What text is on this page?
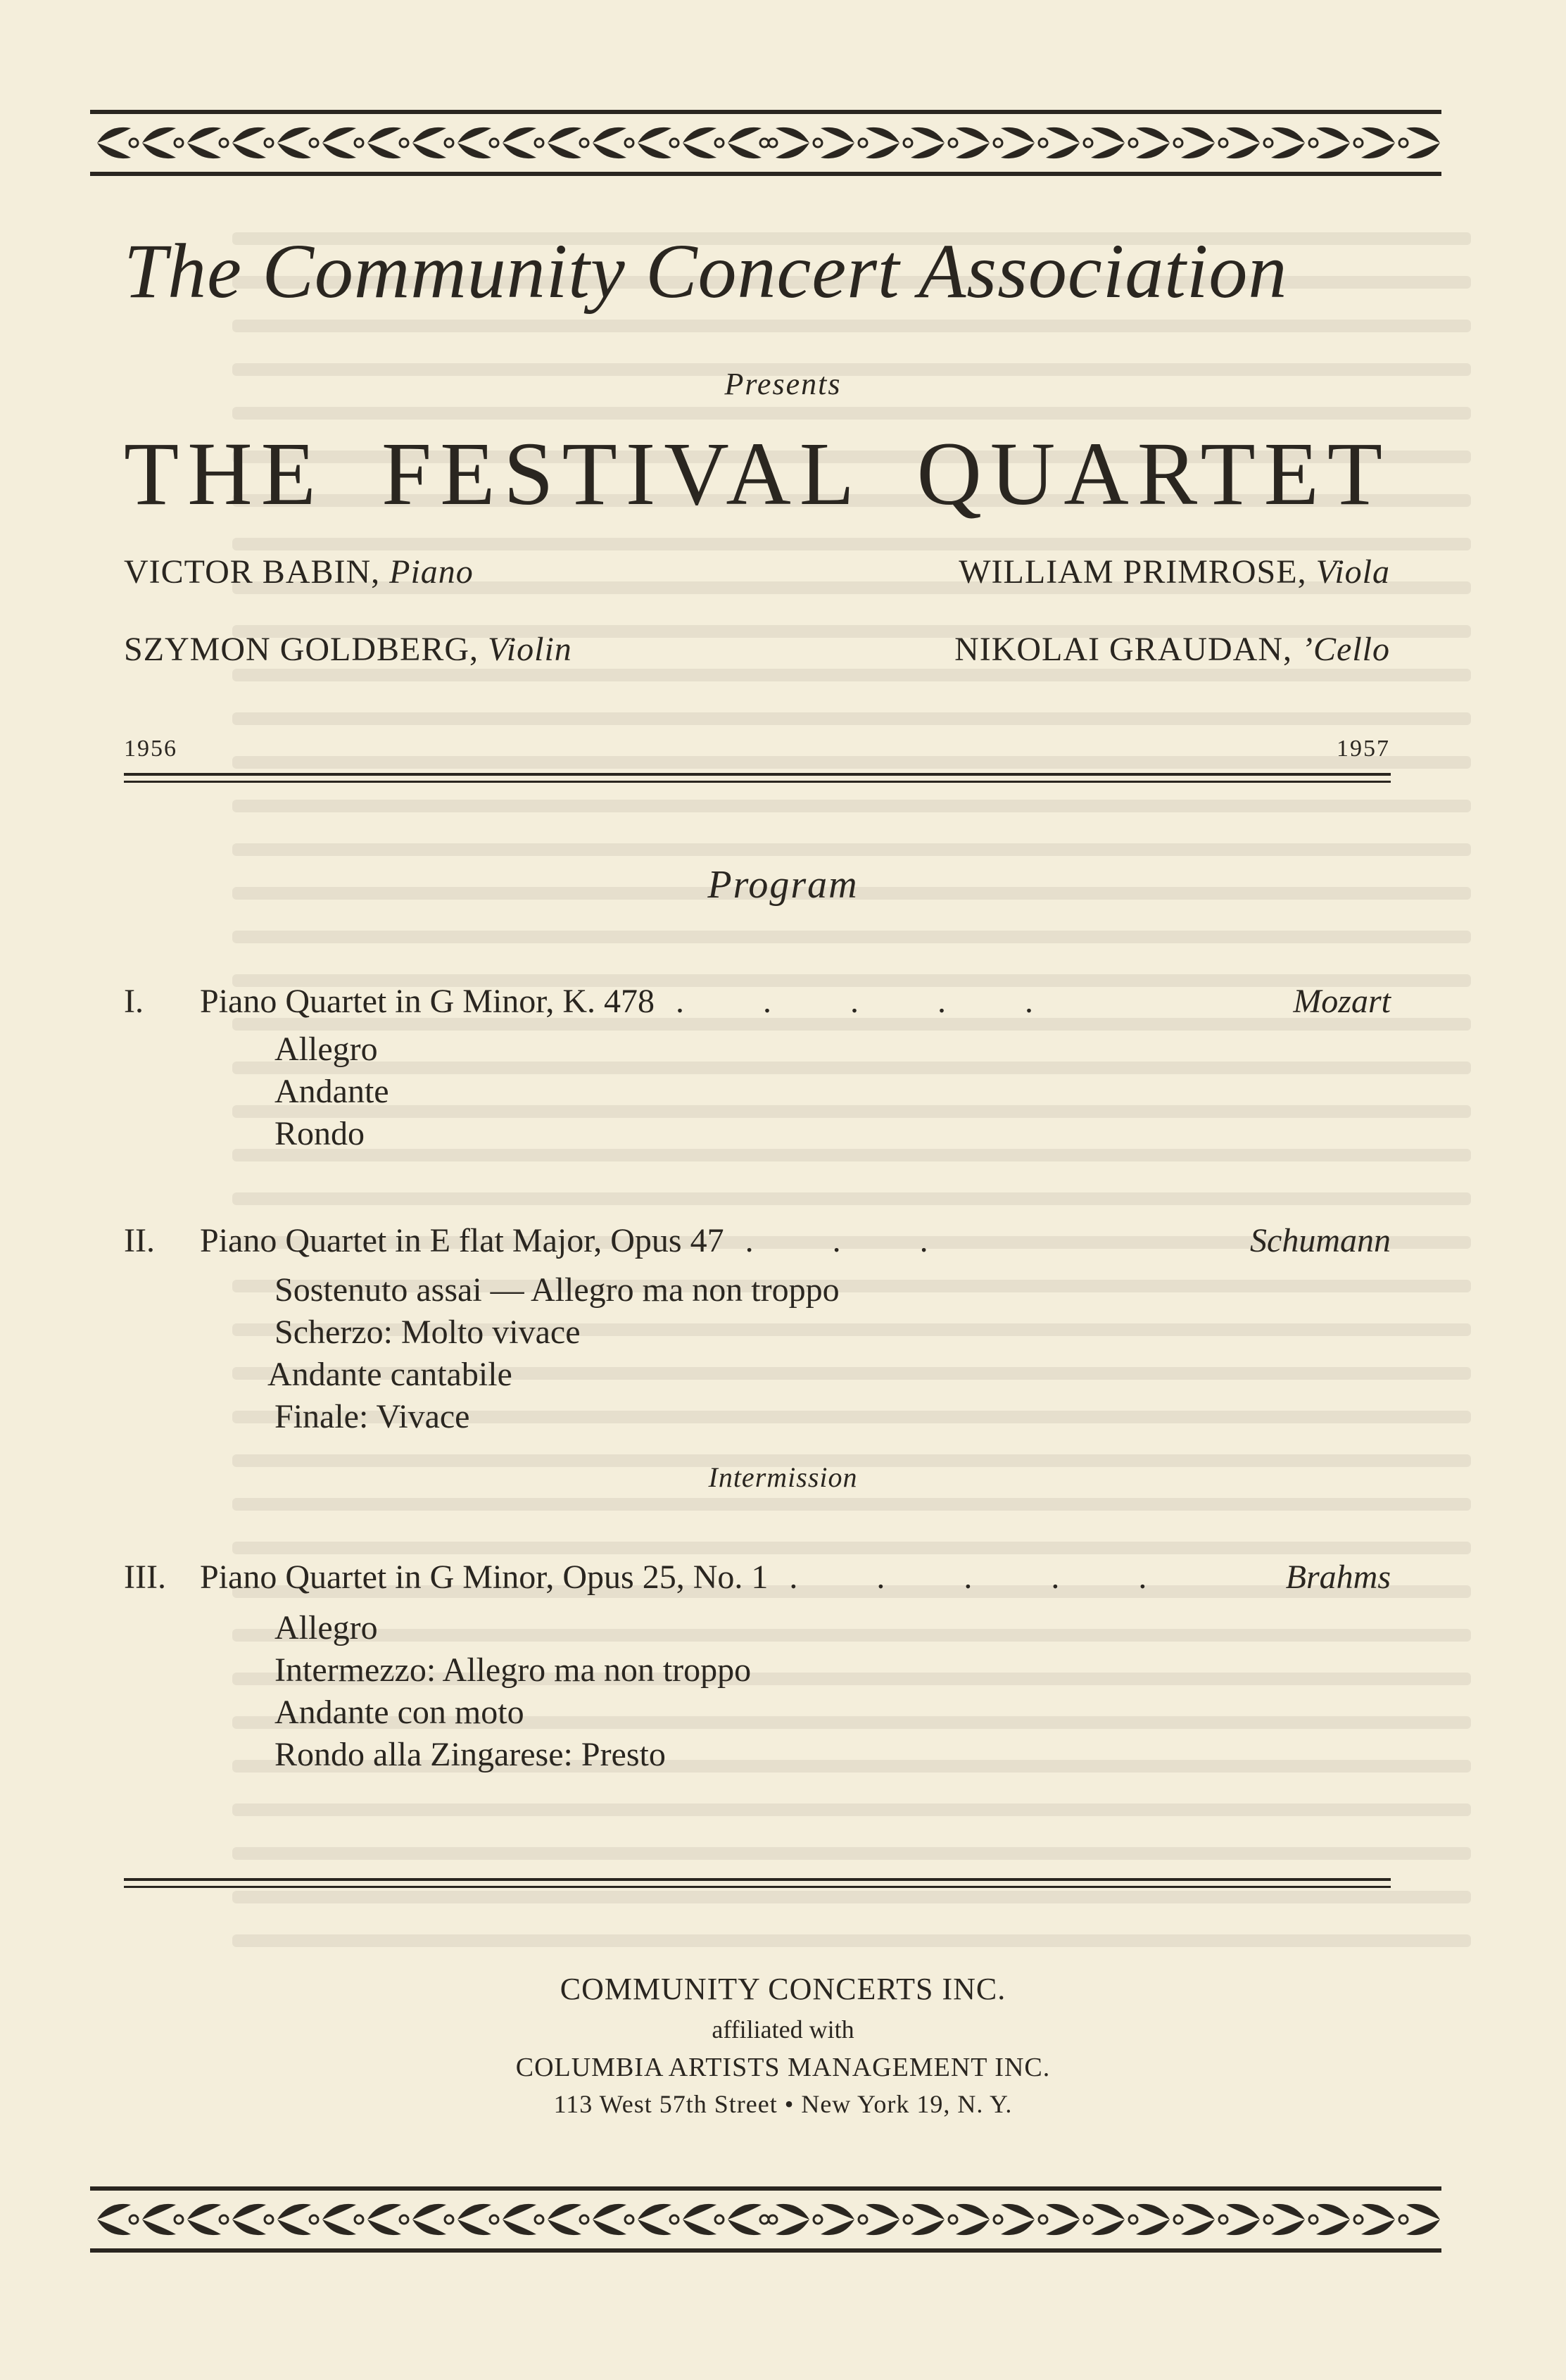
The Community Concert Association
Presents
THE FESTIVAL QUARTET
VICTOR BABIN, Piano	WILLIAM PRIMROSE, Viola
SZYMON GOLDBERG, Violin	NIKOLAI GRAUDAN, ’Cello
1956	1957
Program
I. Piano Quartet in G Minor, K. 478 . . . . .	Mozart
Allegro
Andante
Rondo
II. Piano Quartet in E flat Major, Opus 47 . . .	Schumann
Sostenuto assai — Allegro ma non troppo
Scherzo: Molto vivace
Andante cantabile
Finale: Vivace
Intermission
III. Piano Quartet in G Minor, Opus 25, No. 1 . . . . .	Brahms
Allegro
Intermezzo: Allegro ma non troppo
Andante con moto
Rondo alla Zingarese: Presto
COMMUNITY CONCERTS INC.
affiliated with
COLUMBIA ARTISTS MANAGEMENT INC.
113 West 57th Street • New York 19, N. Y.
